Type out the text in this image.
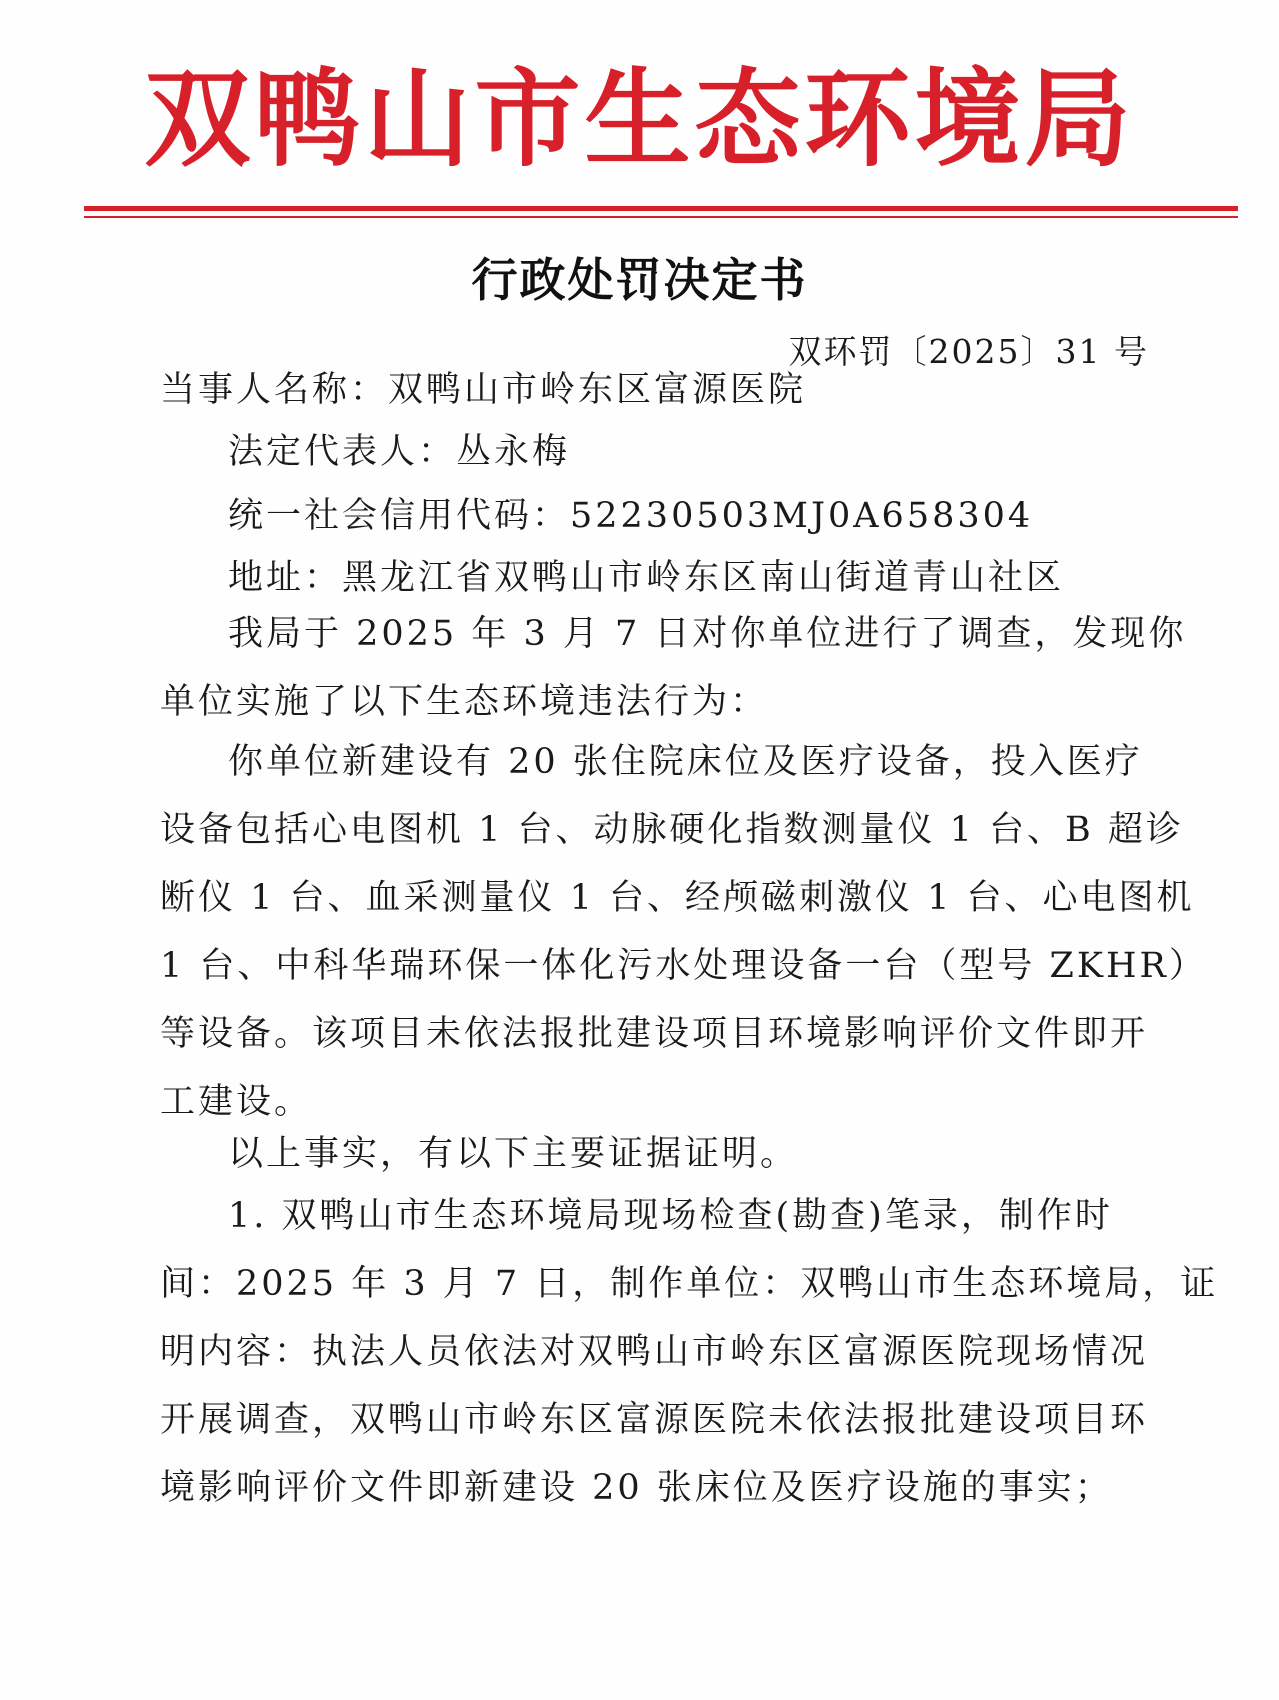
双鸭山市生态环境局
行政处罚决定书
双环罚〔2025〕31 号
当事人名称：双鸭山市岭东区富源医院
法定代表人：丛永梅
统一社会信用代码：52230503MJ0A658304
地址：黑龙江省双鸭山市岭东区南山街道青山社区
我局于 2025 年 3 月 7 日对你单位进行了调查，发现你
单位实施了以下生态环境违法行为：
你单位新建设有 20 张住院床位及医疗设备，投入医疗
设备包括心电图机 1 台、动脉硬化指数测量仪 1 台、B 超诊
断仪 1 台、血采测量仪 1 台、经颅磁刺激仪 1 台、心电图机
1 台、中科华瑞环保一体化污水处理设备一台（型号 ZKHR）
等设备。该项目未依法报批建设项目环境影响评价文件即开
工建设。
以上事实，有以下主要证据证明。
1. 双鸭山市生态环境局现场检查(勘查)笔录，制作时
间：2025 年 3 月 7 日，制作单位：双鸭山市生态环境局，证
明内容：执法人员依法对双鸭山市岭东区富源医院现场情况
开展调查，双鸭山市岭东区富源医院未依法报批建设项目环
境影响评价文件即新建设 20 张床位及医疗设施的事实；
